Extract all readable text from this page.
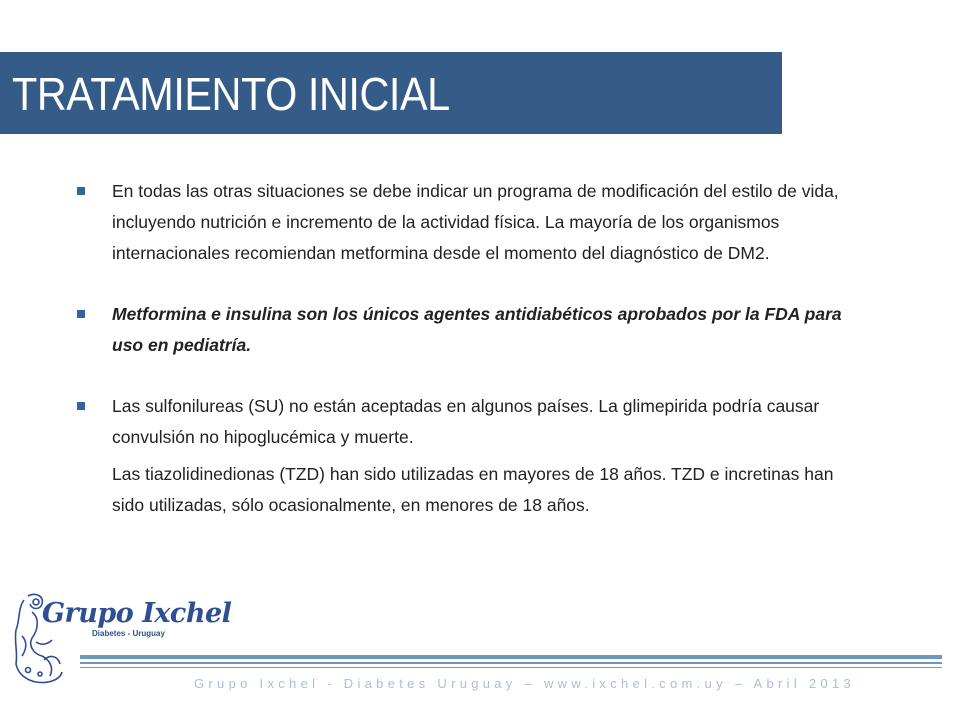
TRATAMIENTO INICIAL
En todas las otras situaciones se debe indicar un programa de modificación del estilo de vida, incluyendo nutrición e incremento de la actividad física. La mayoría de los organismos internacionales recomiendan metformina desde el momento del diagnóstico de DM2.
Metformina e insulina son los únicos agentes antidiabéticos aprobados por la FDA para uso en pediatría.
Las sulfonilureas (SU) no están aceptadas en algunos países. La glimepirida podría causar convulsión no hipoglucémica y muerte.
Las tiazolidinedionas (TZD) han sido utilizadas en mayores de 18 años. TZD e incretinas han sido utilizadas, sólo ocasionalmente, en menores de 18 años.
Grupo Ixchel
Diabetes - Uruguay
Grupo Ixchel - Diabetes Uruguay – www.ixchel.com.uy – Abril 2013
